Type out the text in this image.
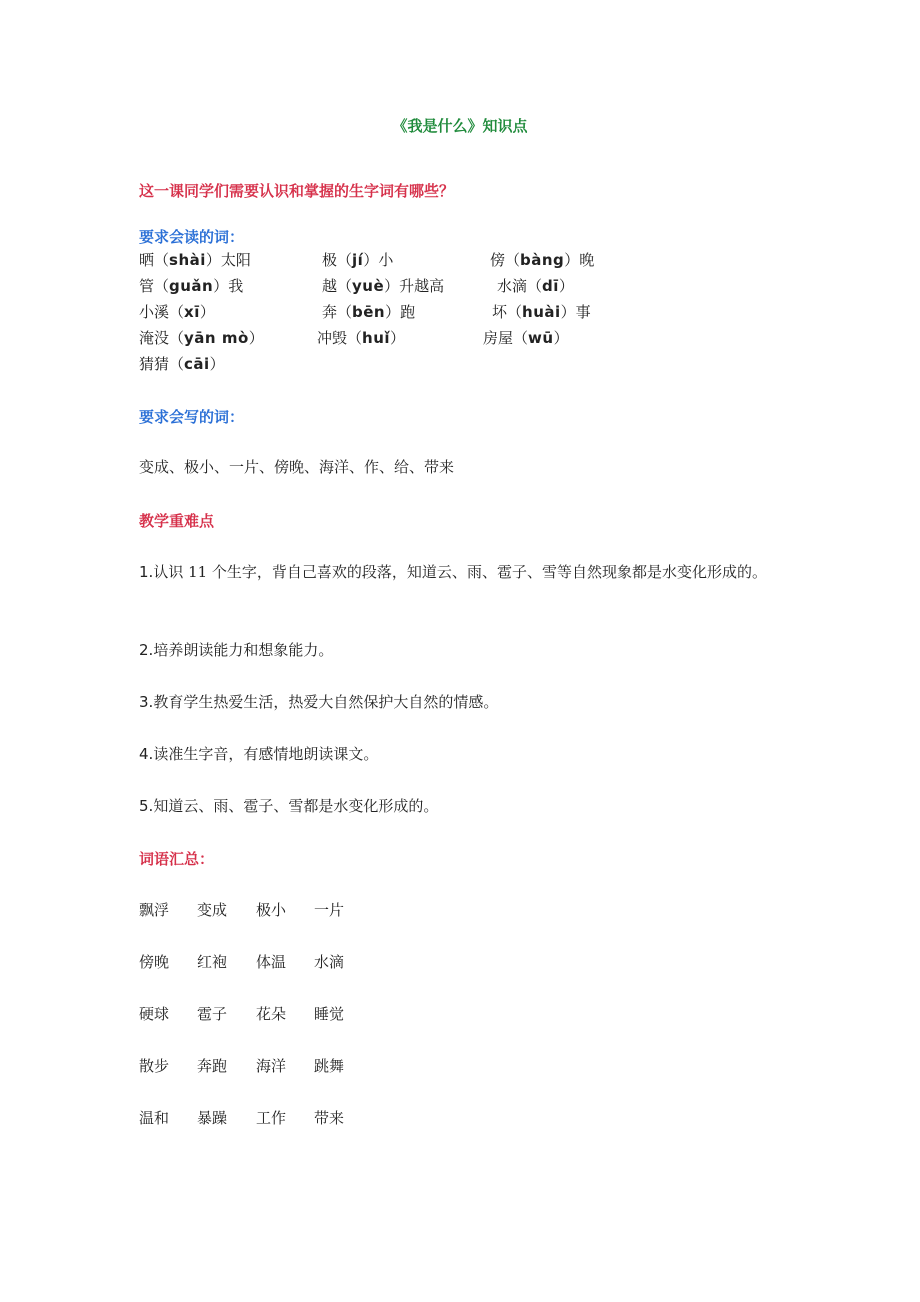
《我是什么》知识点
这一课同学们需要认识和掌握的生字词有哪些？
要求会读的词：
晒（shài）太阳	极（jí）小	傍（bàng）晚
管（guǎn）我	越（yuè）升越高	水滴（dī）
小溪（xī）	奔（bēn）跑	坏（huài）事
淹没（yān mò）	冲毁（huǐ）	房屋（wū）
猜猜（cāi）
要求会写的词：
变成、极小、一片、傍晚、海洋、作、给、带来
教学重难点
1.认识 11 个生字，背自己喜欢的段落，知道云、雨、雹子、雪等自然现象都是水变化形成的。
2.培养朗读能力和想象能力。
3.教育学生热爱生活，热爱大自然保护大自然的情感。
4.读准生字音，有感情地朗读课文。
5.知道云、雨、雹子、雪都是水变化形成的。
词语汇总：
飘浮 变成 极小 一片
傍晚 红袍 体温 水滴
硬球 雹子 花朵 睡觉
散步 奔跑 海洋 跳舞
温和 暴躁 工作 带来
